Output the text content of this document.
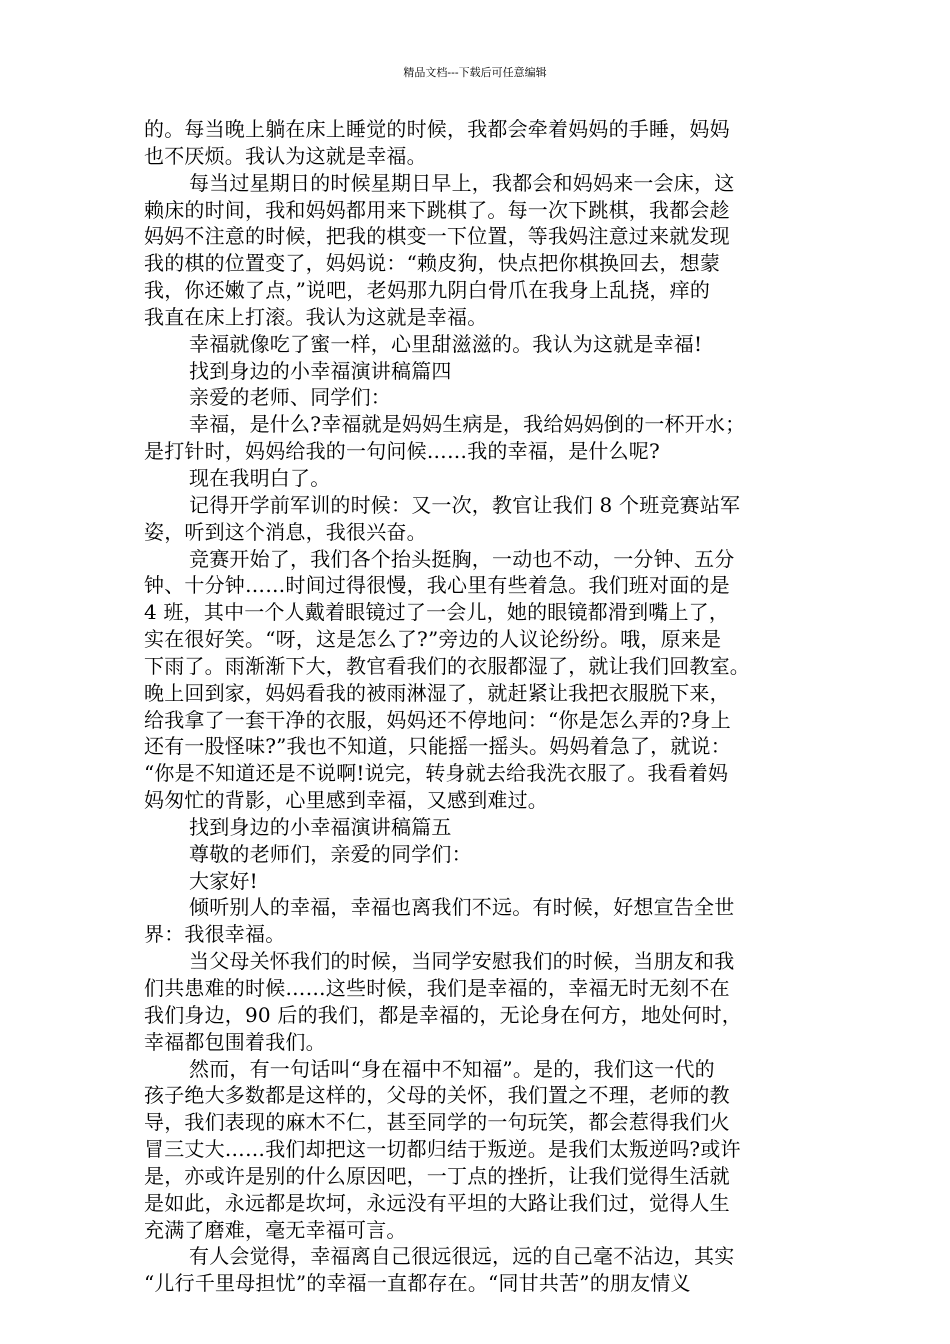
精品文档---下载后可任意编辑
的。每当晚上躺在床上睡觉的时候，我都会牵着妈妈的手睡，妈妈
也不厌烦。我认为这就是幸福。
每当过星期日的时候星期日早上，我都会和妈妈来一会床，这
赖床的时间，我和妈妈都用来下跳棋了。每一次下跳棋，我都会趁
妈妈不注意的时候，把我的棋变一下位置，等我妈注意过来就发现
我的棋的位置变了，妈妈说：“赖皮狗，快点把你棋换回去，想蒙
我，你还嫩了点，”说吧，老妈那九阴白骨爪在我身上乱挠，痒的
我直在床上打滚。我认为这就是幸福。
幸福就像吃了蜜一样，心里甜滋滋的。我认为这就是幸福!
找到身边的小幸福演讲稿篇四
亲爱的老师、同学们：
幸福，是什么?幸福就是妈妈生病是，我给妈妈倒的一杯开水；
是打针时，妈妈给我的一句问候……我的幸福，是什么呢?
现在我明白了。
记得开学前军训的时候：又一次，教官让我们 8 个班竞赛站军
姿，听到这个消息，我很兴奋。
竞赛开始了，我们各个抬头挺胸，一动也不动，一分钟、五分
钟、十分钟……时间过得很慢，我心里有些着急。我们班对面的是
4 班，其中一个人戴着眼镜过了一会儿，她的眼镜都滑到嘴上了，
实在很好笑。“呀，这是怎么了?”旁边的人议论纷纷。哦，原来是
下雨了。雨渐渐下大，教官看我们的衣服都湿了，就让我们回教室。
晚上回到家，妈妈看我的被雨淋湿了，就赶紧让我把衣服脱下来，
给我拿了一套干净的衣服，妈妈还不停地问：“你是怎么弄的?身上
还有一股怪味?”我也不知道，只能摇一摇头。妈妈着急了，就说：
“你是不知道还是不说啊!说完，转身就去给我洗衣服了。我看着妈
妈匆忙的背影，心里感到幸福，又感到难过。
找到身边的小幸福演讲稿篇五
尊敬的老师们，亲爱的同学们：
大家好!
倾听别人的幸福，幸福也离我们不远。有时候，好想宣告全世
界：我很幸福。
当父母关怀我们的时候，当同学安慰我们的时候，当朋友和我
们共患难的时候……这些时候，我们是幸福的，幸福无时无刻不在
我们身边，90 后的我们，都是幸福的，无论身在何方，地处何时，
幸福都包围着我们。
然而，有一句话叫“身在福中不知福”。是的，我们这一代的
孩子绝大多数都是这样的，父母的关怀，我们置之不理，老师的教
导，我们表现的麻木不仁，甚至同学的一句玩笑，都会惹得我们火
冒三丈大……我们却把这一切都归结于叛逆。是我们太叛逆吗?或许
是，亦或许是别的什么原因吧，一丁点的挫折，让我们觉得生活就
是如此，永远都是坎坷，永远没有平坦的大路让我们过，觉得人生
充满了磨难，毫无幸福可言。
有人会觉得，幸福离自己很远很远，远的自己毫不沾边，其实
“儿行千里母担忧”的幸福一直都存在。“同甘共苦”的朋友情义
